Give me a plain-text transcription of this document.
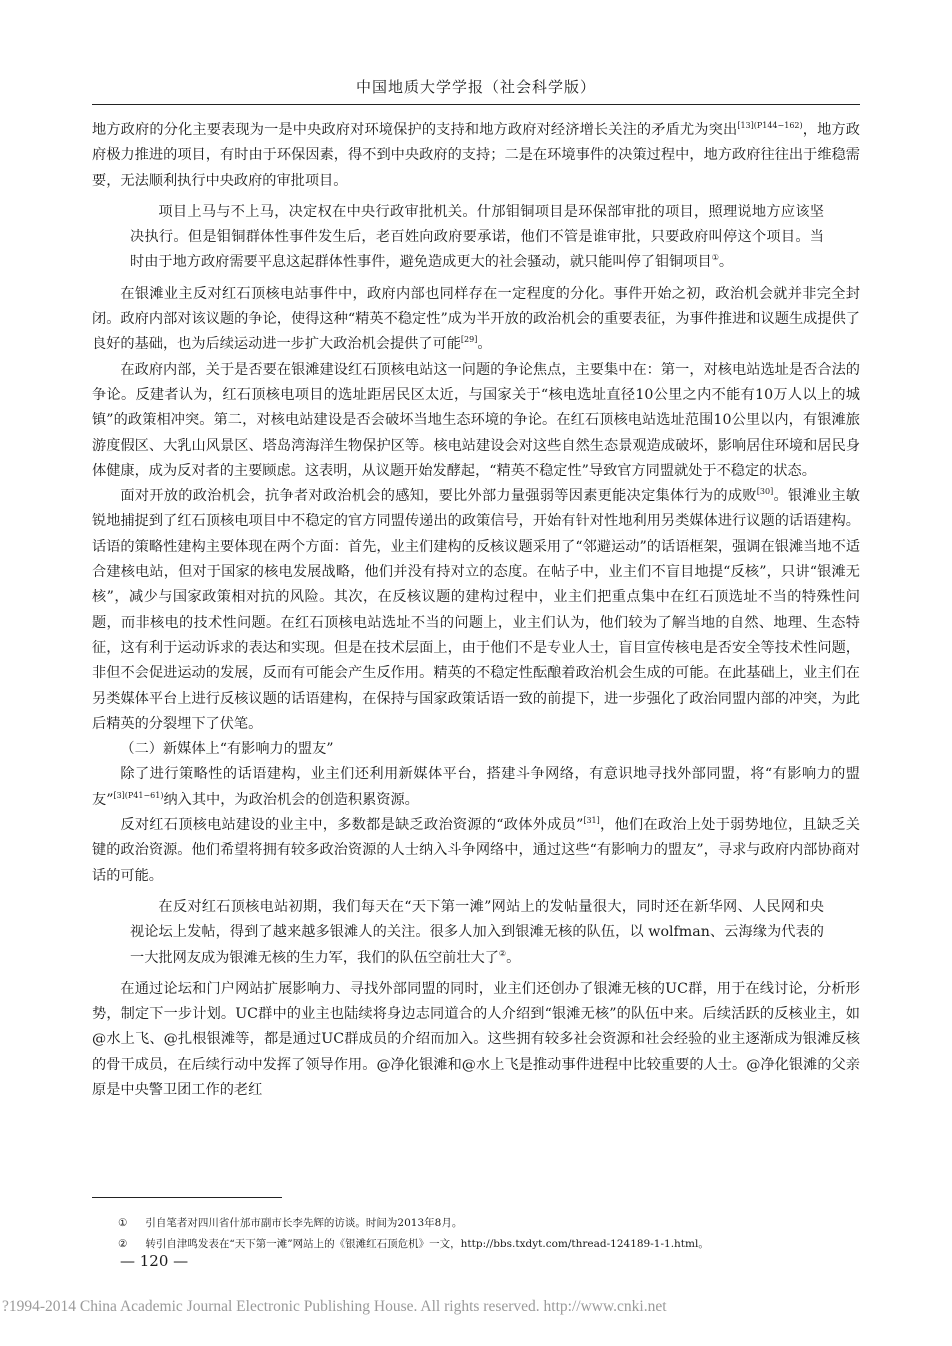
中国地质大学学报（社会科学版）

地方政府的分化主要表现为一是中央政府对环境保护的支持和地方政府对经济增长关注的矛盾尤为突出$^{[13](P144-162)}$，地方政府极力推进的项目，有时由于环保因素，得不到中央政府的支持；二是在环境事件的决策过程中，地方政府往往出于维稳需要，无法顺利执行中央政府的审批项目。

项目上马与不上马，决定权在中央行政审批机关。什邡钼铜项目是环保部审批的项目，照理说地方应该坚决执行。但是钼铜群体性事件发生后，老百姓向政府要承诺，他们不管是谁审批，只要政府叫停这个项目。当时由于地方政府需要平息这起群体性事件，避免造成更大的社会骚动，就只能叫停了钼铜项目①。

在银滩业主反对红石顶核电站事件中，政府内部也同样存在一定程度的分化。事件开始之初，政治机会就并非完全封闭。政府内部对该议题的争论，使得这种“精英不稳定性”成为半开放的政治机会的重要表征，为事件推进和议题生成提供了良好的基础，也为后续运动进一步扩大政治机会提供了可能[29]。

在政府内部，关于是否要在银滩建设红石顶核电站这一问题的争论焦点，主要集中在：第一，对核电站选址是否合法的争论。反建者认为，红石顶核电项目的选址距居民区太近，与国家关于“核电选址直径10公里之内不能有10万人以上的城镇”的政策相冲突。第二，对核电站建设是否会破坏当地生态环境的争论。在红石顶核电站选址范围10公里以内，有银滩旅游度假区、大乳山风景区、塔岛湾海洋生物保护区等。核电站建设会对这些自然生态景观造成破坏，影响居住环境和居民身体健康，成为反对者的主要顾虑。这表明，从议题开始发酵起，“精英不稳定性”导致官方同盟就处于不稳定的状态。

面对开放的政治机会，抗争者对政治机会的感知，要比外部力量强弱等因素更能决定集体行为的成败[30]。银滩业主敏锐地捕捉到了红石顶核电项目中不稳定的官方同盟传递出的政策信号，开始有针对性地利用另类媒体进行议题的话语建构。话语的策略性建构主要体现在两个方面：首先，业主们建构的反核议题采用了“邻避运动”的话语框架，强调在银滩当地不适合建核电站，但对于国家的核电发展战略，他们并没有持对立的态度。在帖子中，业主们不盲目地提“反核”，只讲“银滩无核”，减少与国家政策相对抗的风险。其次，在反核议题的建构过程中，业主们把重点集中在红石顶选址不当的特殊性问题，而非核电的技术性问题。在红石顶核电站选址不当的问题上，业主们认为，他们较为了解当地的自然、地理、生态特征，这有利于运动诉求的表达和实现。但是在技术层面上，由于他们不是专业人士，盲目宣传核电是否安全等技术性问题，非但不会促进运动的发展，反而有可能会产生反作用。精英的不稳定性酝酿着政治机会生成的可能。在此基础上，业主们在另类媒体平台上进行反核议题的话语建构，在保持与国家政策话语一致的前提下，进一步强化了政治同盟内部的冲突，为此后精英的分裂埋下了伏笔。

（二）新媒体上“有影响力的盟友”

除了进行策略性的话语建构，业主们还利用新媒体平台，搭建斗争网络，有意识地寻找外部同盟，将“有影响力的盟友”$^{[3](P41-61)}$纳入其中，为政治机会的创造积累资源。

反对红石顶核电站建设的业主中，多数都是缺乏政治资源的“政体外成员”[31]，他们在政治上处于弱势地位，且缺乏关键的政治资源。他们希望将拥有较多政治资源的人士纳入斗争网络中，通过这些“有影响力的盟友”，寻求与政府内部协商对话的可能。

在反对红石顶核电站初期，我们每天在“天下第一滩”网站上的发帖量很大，同时还在新华网、人民网和央视论坛上发帖，得到了越来越多银滩人的关注。很多人加入到银滩无核的队伍，以 wolfman、云海缘为代表的一大批网友成为银滩无核的生力军，我们的队伍空前壮大了②。

在通过论坛和门户网站扩展影响力、寻找外部同盟的同时，业主们还创办了银滩无核的UC群，用于在线讨论，分析形势，制定下一步计划。UC群中的业主也陆续将身边志同道合的人介绍到“银滩无核”的队伍中来。后续活跃的反核业主，如@水上飞、@扎根银滩等，都是通过UC群成员的介绍而加入。这些拥有较多社会资源和社会经验的业主逐渐成为银滩反核的骨干成员，在后续行动中发挥了领导作用。@净化银滩和@水上飞是推动事件进程中比较重要的人士。@净化银滩的父亲原是中央警卫团工作的老红

① 引自笔者对四川省什邡市副市长李先辉的访谈。时间为2013年8月。
② 转引自津鸣发表在“天下第一滩”网站上的《银滩红石顶危机》一文，http://bbs.txdyt.com/thread-124189-1-1.html。
— 120 —
?1994-2014 China Academic Journal Electronic Publishing House. All rights reserved. http://www.cnki.net
